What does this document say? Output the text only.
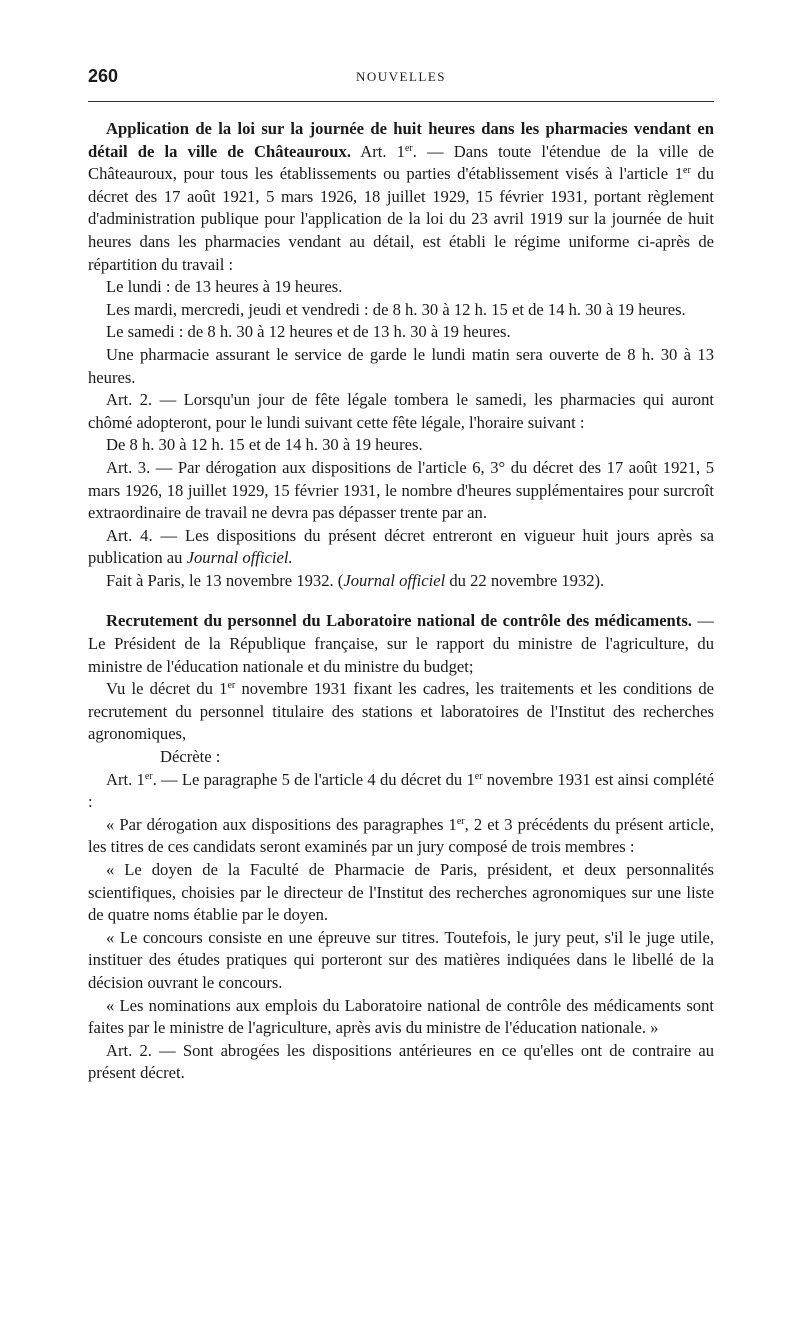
260	NOUVELLES

Application de la loi sur la journée de huit heures dans les pharmacies vendant en détail de la ville de Châteauroux. Art. 1er. — Dans toute l'étendue de la ville de Châteauroux, pour tous les établissements ou parties d'établissement visés à l'article 1er du décret des 17 août 1921, 5 mars 1926, 18 juillet 1929, 15 février 1931, portant règlement d'administration publique pour l'application de la loi du 23 avril 1919 sur la journée de huit heures dans les pharmacies vendant au détail, est établi le régime uniforme ci-après de répartition du travail :

Le lundi : de 13 heures à 19 heures.

Les mardi, mercredi, jeudi et vendredi : de 8 h. 30 à 12 h. 15 et de 14 h. 30 à 19 heures.

Le samedi : de 8 h. 30 à 12 heures et de 13 h. 30 à 19 heures.

Une pharmacie assurant le service de garde le lundi matin sera ouverte de 8 h. 30 à 13 heures.

Art. 2. — Lorsqu'un jour de fête légale tombera le samedi, les pharmacies qui auront chômé adopteront, pour le lundi suivant cette fête légale, l'horaire suivant :

De 8 h. 30 à 12 h. 15 et de 14 h. 30 à 19 heures.

Art. 3. — Par dérogation aux dispositions de l'article 6, 3° du décret des 17 août 1921, 5 mars 1926, 18 juillet 1929, 15 février 1931, le nombre d'heures supplémentaires pour surcroît extraordinaire de travail ne devra pas dépasser trente par an.

Art. 4. — Les dispositions du présent décret entreront en vigueur huit jours après sa publication au Journal officiel.

Fait à Paris, le 13 novembre 1932. (Journal officiel du 22 novembre 1932).

Recrutement du personnel du Laboratoire national de contrôle des médicaments. — Le Président de la République française, sur le rapport du ministre de l'agriculture, du ministre de l'éducation nationale et du ministre du budget;

Vu le décret du 1er novembre 1931 fixant les cadres, les traitements et les conditions de recrutement du personnel titulaire des stations et laboratoires de l'Institut des recherches agronomiques,

Décrète :

Art. 1er. — Le paragraphe 5 de l'article 4 du décret du 1er novembre 1931 est ainsi complété :

« Par dérogation aux dispositions des paragraphes 1er, 2 et 3 précédents du présent article, les titres de ces candidats seront examinés par un jury composé de trois membres :

« Le doyen de la Faculté de Pharmacie de Paris, président, et deux personnalités scientifiques, choisies par le directeur de l'Institut des recherches agronomiques sur une liste de quatre noms établie par le doyen.

« Le concours consiste en une épreuve sur titres. Toutefois, le jury peut, s'il le juge utile, instituer des études pratiques qui porteront sur des matières indiquées dans le libellé de la décision ouvrant le concours.

« Les nominations aux emplois du Laboratoire national de contrôle des médicaments sont faites par le ministre de l'agriculture, après avis du ministre de l'éducation nationale. »

Art. 2. — Sont abrogées les dispositions antérieures en ce qu'elles ont de contraire au présent décret.
